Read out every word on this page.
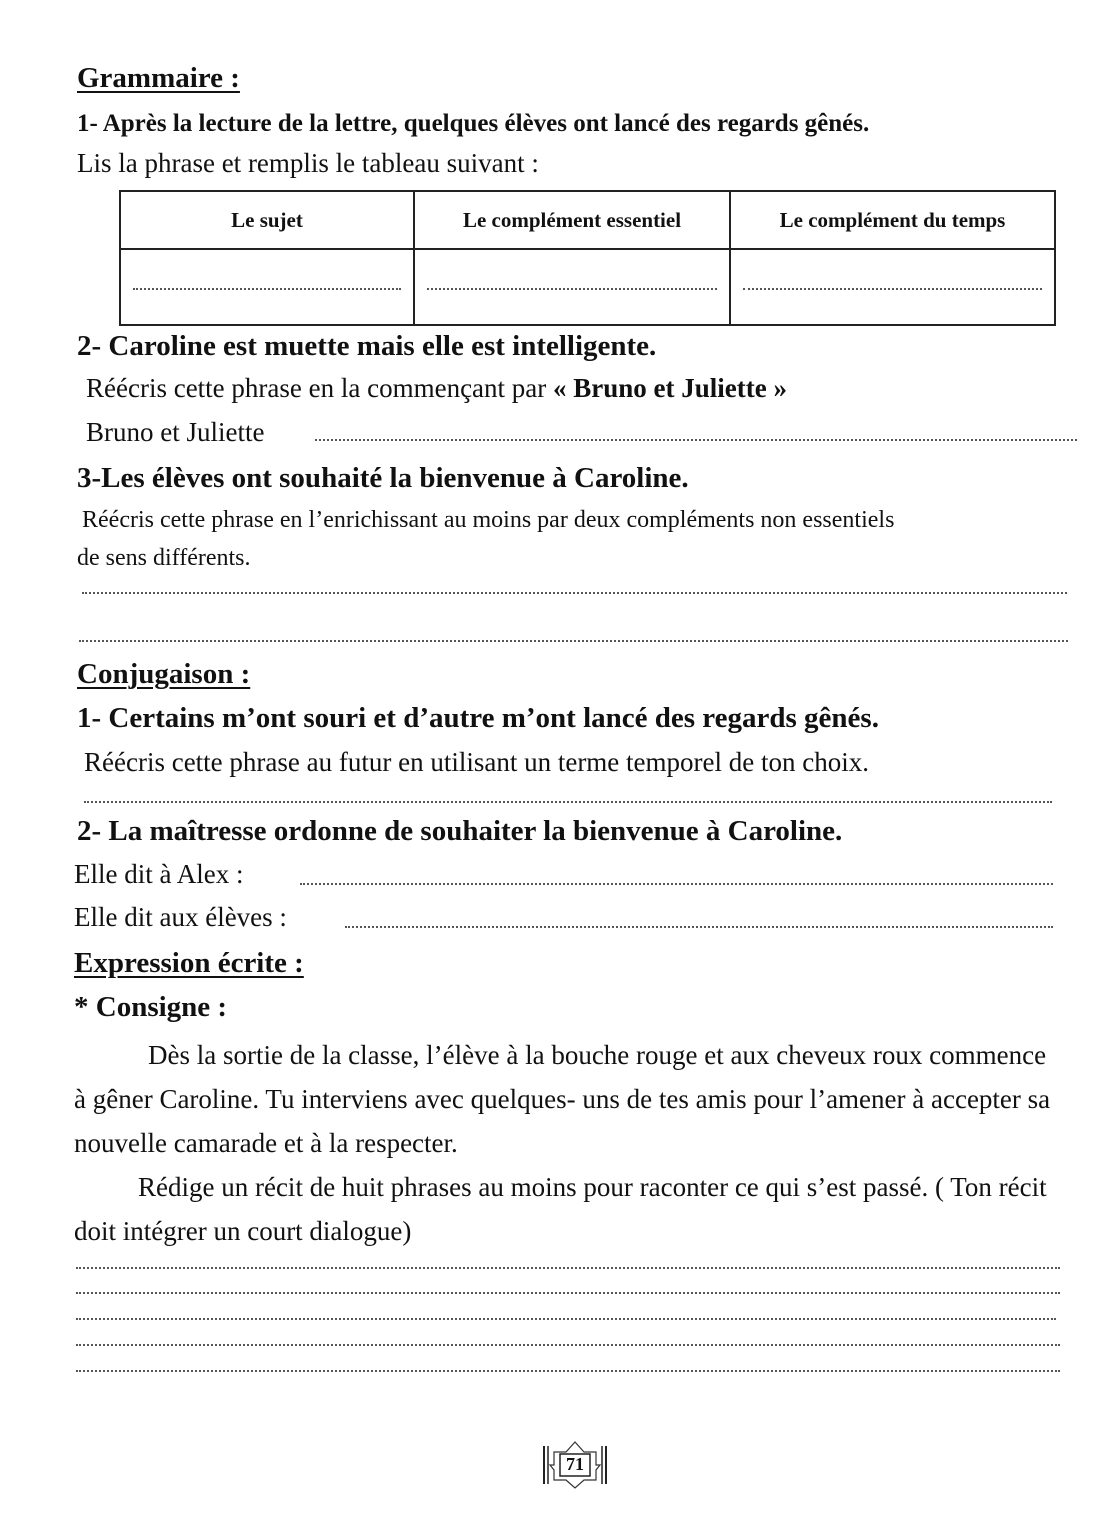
Grammaire :
1- Après la lecture de la lettre, quelques élèves ont lancé des regards gênés.
Lis la phrase et remplis le tableau suivant :
Le sujet	Le complément essentiel	Le complément du temps

2- Caroline est muette mais elle est intelligente.
Réécris cette phrase en la commençant par « Bruno et Juliette »
Bruno et Juliette
3-Les élèves ont souhaité la bienvenue à Caroline.
Réécris cette phrase en l’enrichissant au moins par deux compléments non essentiels
de sens différents.
Conjugaison :
1- Certains m’ont souri et d’autre m’ont lancé des regards gênés.
Réécris cette phrase au futur en utilisant un terme temporel de ton choix.
2- La maîtresse ordonne de souhaiter la bienvenue à Caroline.
Elle dit à Alex :
Elle dit aux élèves :
Expression écrite :
* Consigne :
Dès la sortie de la classe, l’élève à la bouche rouge et aux cheveux roux commence à gêner Caroline. Tu interviens avec quelques- uns de tes amis pour l’amener à accepter sa nouvelle camarade et à la respecter.
Rédige un récit de huit phrases au moins pour raconter ce qui s’est passé. ( Ton récit doit intégrer un court dialogue)
71
